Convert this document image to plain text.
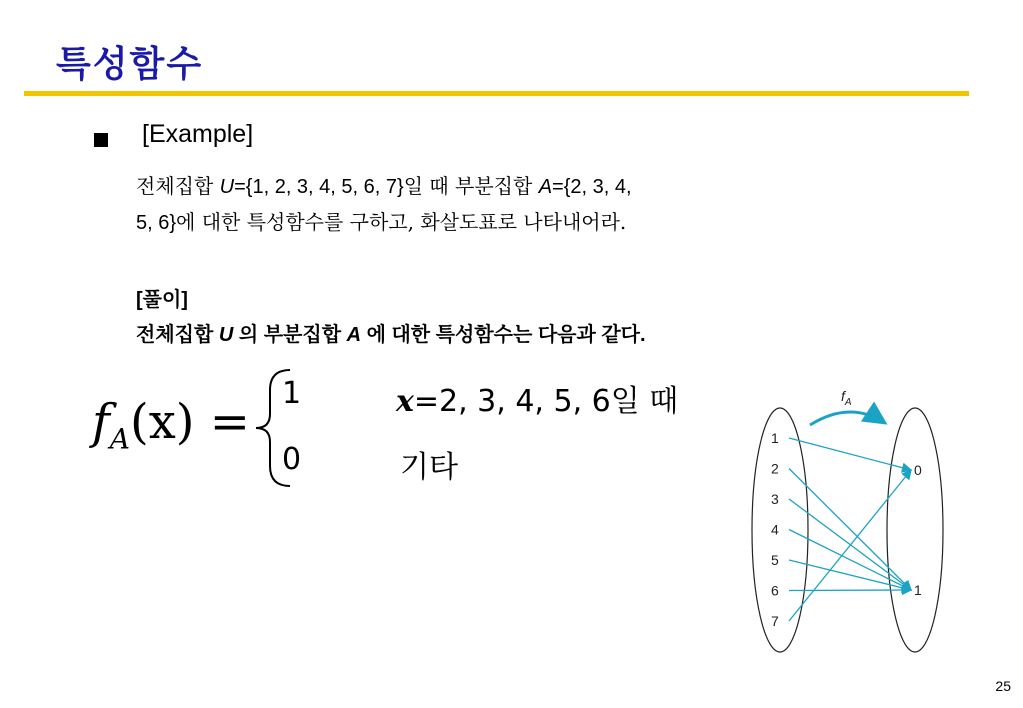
특성함수
[Example]
전체집합 U={1, 2, 3, 4, 5, 6, 7}일 때 부분집합 A={2, 3, 4,
5, 6}에 대한 특성함수를 구하고, 화살도표로 나타내어라.
[풀이]
전체집합 U 의 부분집합 A 에 대한 특성함수는 다음과 같다.
$f_A(x)$ =
1	x=2, 3, 4, 5, 6일 때
0	기타
$f_A$
1
2
3
4
5
6
7
0
1
25
